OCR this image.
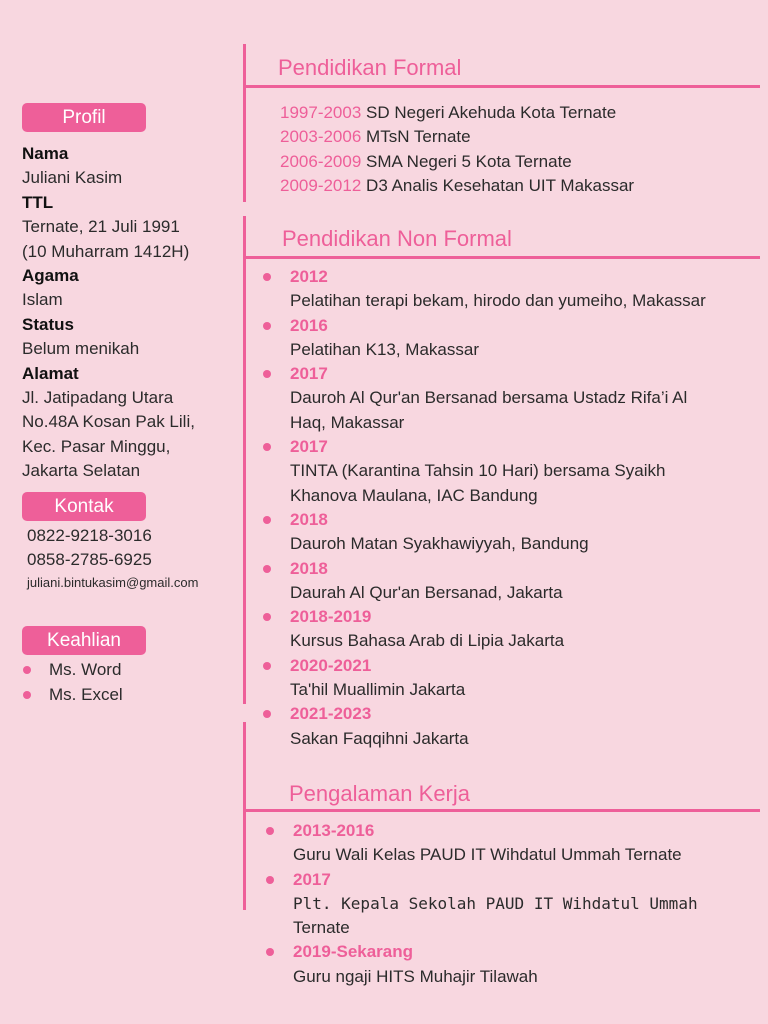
Profil
Nama
Juliani Kasim
TTL
Ternate, 21 Juli 1991
(10 Muharram 1412H)
Agama
Islam
Status
Belum menikah
Alamat
Jl. Jatipadang Utara
No.48A Kosan Pak Lili,
Kec. Pasar Minggu,
Jakarta Selatan
Kontak
0822-9218-3016
0858-2785-6925
juliani.bintukasim@gmail.com
Keahlian
Ms. Word
Ms. Excel
Pendidikan Formal
1997-2003 SD Negeri Akehuda Kota Ternate
2003-2006 MTsN Ternate
2006-2009 SMA Negeri 5 Kota Ternate
2009-2012 D3 Analis Kesehatan UIT Makassar
Pendidikan Non Formal
2012
Pelatihan terapi bekam, hirodo dan yumeiho, Makassar
2016
Pelatihan K13, Makassar
2017
Dauroh Al Qur'an Bersanad bersama Ustadz Rifa’i Al
Haq, Makassar
2017
TINTA (Karantina Tahsin 10 Hari) bersama Syaikh
Khanova Maulana, IAC Bandung
2018
Dauroh Matan Syakhawiyyah, Bandung
2018
Daurah Al Qur'an Bersanad, Jakarta
2018-2019
Kursus Bahasa Arab di Lipia Jakarta
2020-2021
Ta'hil Muallimin Jakarta
2021-2023
Sakan Faqqihni Jakarta
Pengalaman Kerja
2013-2016
Guru Wali Kelas PAUD IT Wihdatul Ummah Ternate
2017
Plt. Kepala Sekolah PAUD IT Wihdatul Ummah
Ternate
2019-Sekarang
Guru ngaji HITS Muhajir Tilawah
